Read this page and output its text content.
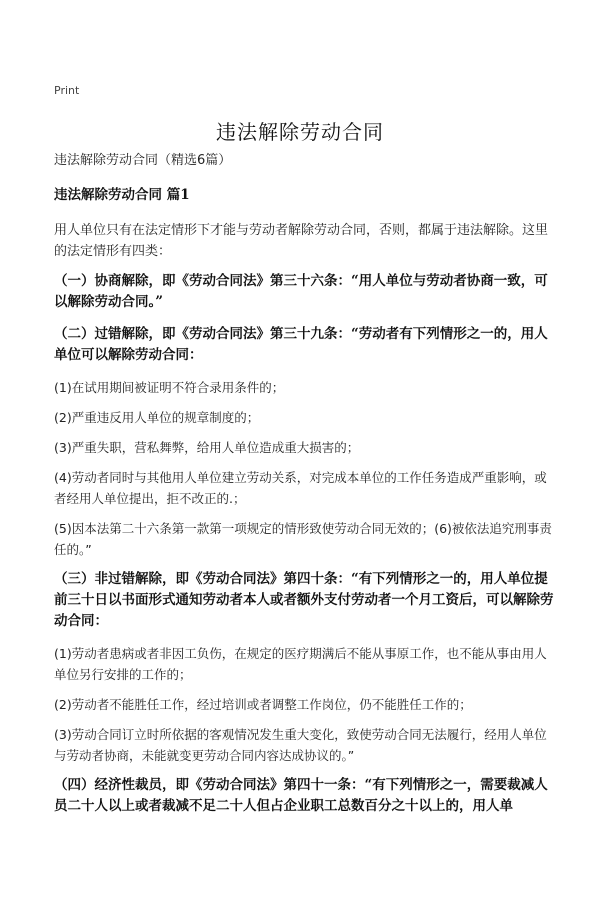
Print
违法解除劳动合同

违法解除劳动合同（精选6篇）

违法解除劳动合同 篇1

用人单位只有在法定情形下才能与劳动者解除劳动合同，否则，都属于违法解除。这里的法定情形有四类：

（一）协商解除，即《劳动合同法》第三十六条：“用人单位与劳动者协商一致，可以解除劳动合同。”

（二）过错解除，即《劳动合同法》第三十九条：“劳动者有下列情形之一的，用人单位可以解除劳动合同：

(1)在试用期间被证明不符合录用条件的；

(2)严重违反用人单位的规章制度的；

(3)严重失职，营私舞弊，给用人单位造成重大损害的；

(4)劳动者同时与其他用人单位建立劳动关系，对完成本单位的工作任务造成严重影响，或者经用人单位提出，拒不改正的.；

(5)因本法第二十六条第一款第一项规定的情形致使劳动合同无效的；(6)被依法追究刑事责任的。”

（三）非过错解除，即《劳动合同法》第四十条：“有下列情形之一的，用人单位提前三十日以书面形式通知劳动者本人或者额外支付劳动者一个月工资后，可以解除劳动合同：

(1)劳动者患病或者非因工负伤，在规定的医疗期满后不能从事原工作，也不能从事由用人单位另行安排的工作的；

(2)劳动者不能胜任工作，经过培训或者调整工作岗位，仍不能胜任工作的；

(3)劳动合同订立时所依据的客观情况发生重大变化，致使劳动合同无法履行，经用人单位与劳动者协商，未能就变更劳动合同内容达成协议的。”

（四）经济性裁员，即《劳动合同法》第四十一条：“有下列情形之一，需要裁减人员二十人以上或者裁减不足二十人但占企业职工总数百分之十以上的，用人单
